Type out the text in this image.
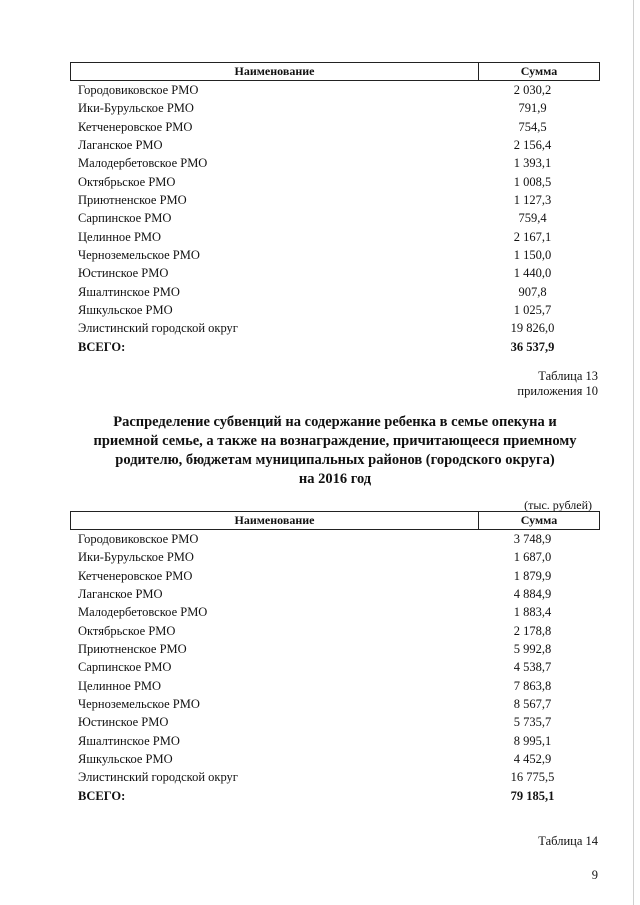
Наименование	Сумма
Городовиковское РМО	2 030,2
Ики-Бурульское РМО	791,9
Кетченеровское РМО	754,5
Лаганское РМО	2 156,4
Малодербетовское РМО	1 393,1
Октябрьское РМО	1 008,5
Приютненское РМО	1 127,3
Сарпинское РМО	759,4
Целинное РМО	2 167,1
Черноземельское РМО	1 150,0
Юстинское РМО	1 440,0
Яшалтинское РМО	907,8
Яшкульское РМО	1 025,7
Элистинский городской округ	19 826,0
ВСЕГО:	36 537,9
Таблица 13
приложения 10
Распределение субвенций на содержание ребенка в семье опекуна и
приемной семье, а также на вознаграждение, причитающееся приемному
родителю, бюджетам муниципальных районов (городского округа)
на 2016 год
(тыс. рублей)
Наименование	Сумма
Городовиковское РМО	3 748,9
Ики-Бурульское РМО	1 687,0
Кетченеровское РМО	1 879,9
Лаганское РМО	4 884,9
Малодербетовское РМО	1 883,4
Октябрьское РМО	2 178,8
Приютненское РМО	5 992,8
Сарпинское РМО	4 538,7
Целинное РМО	7 863,8
Черноземельское РМО	8 567,7
Юстинское РМО	5 735,7
Яшалтинское РМО	8 995,1
Яшкульское РМО	4 452,9
Элистинский городской округ	16 775,5
ВСЕГО:	79 185,1
Таблица 14
9
